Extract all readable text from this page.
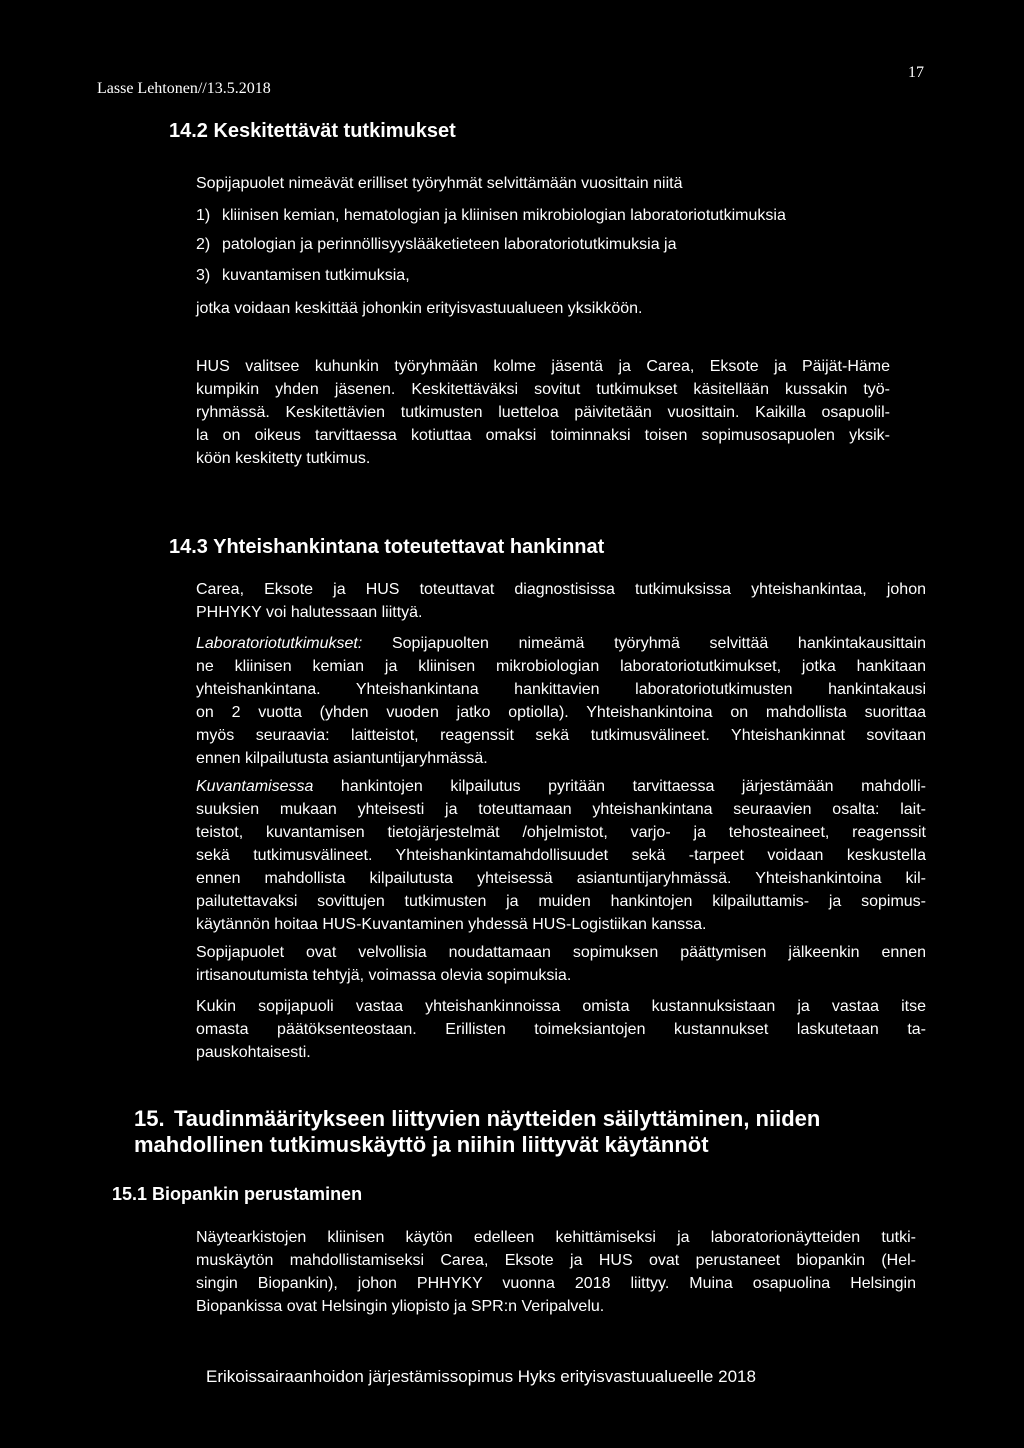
Lasse Lehtonen//13.5.2018
17
14.2 Keskitettävät tutkimukset

Sopijapuolet nimeävät erilliset työryhmät selvittämään vuosittain niitä

1) kliinisen kemian, hematologian ja kliinisen mikrobiologian laboratoriotutkimuksia
2) patologian ja perinnöllisyyslääketieteen laboratoriotutkimuksia ja
3) kuvantamisen tutkimuksia,

jotka voidaan keskittää johonkin erityisvastuualueen yksikköön.

HUS valitsee kuhunkin työryhmään kolme jäsentä ja Carea, Eksote ja Päijät-Häme
kumpikin yhden jäsenen. Keskitettäväksi sovitut tutkimukset käsitellään kussakin työ-
ryhmässä. Keskitettävien tutkimusten luetteloa päivitetään vuosittain. Kaikilla osapuolil-
la on oikeus tarvittaessa kotiuttaa omaksi toiminnaksi toisen sopimusosapuolen yksik-
köön keskitetty tutkimus.
14.3 Yhteishankintana toteutettavat hankinnat
Carea, Eksote ja HUS toteuttavat diagnostisissa tutkimuksissa yhteishankintaa, johon
PHHYKY voi halutessaan liittyä.
Laboratoriotutkimukset: Sopijapuolten nimeämä työryhmä selvittää hankintakausittain
ne kliinisen kemian ja kliinisen mikrobiologian laboratoriotutkimukset, jotka hankitaan
yhteishankintana. Yhteishankintana hankittavien laboratoriotutkimusten hankintakausi
on 2 vuotta (yhden vuoden jatko optiolla). Yhteishankintoina on mahdollista suorittaa
myös seuraavia: laitteistot, reagenssit sekä tutkimusvälineet. Yhteishankinnat sovitaan
ennen kilpailutusta asiantuntijaryhmässä.
Kuvantamisessa hankintojen kilpailutus pyritään tarvittaessa järjestämään mahdolli-
suuksien mukaan yhteisesti ja toteuttamaan yhteishankintana seuraavien osalta: lait-
teistot, kuvantamisen tietojärjestelmät /ohjelmistot, varjo- ja tehosteaineet, reagenssit
sekä tutkimusvälineet. Yhteishankintamahdollisuudet sekä -tarpeet voidaan keskustella
ennen mahdollista kilpailutusta yhteisessä asiantuntijaryhmässä. Yhteishankintoina kil-
pailutettavaksi sovittujen tutkimusten ja muiden hankintojen kilpailuttamis- ja sopimus-
käytännön hoitaa HUS-Kuvantaminen yhdessä HUS-Logistiikan kanssa.
Sopijapuolet ovat velvollisia noudattamaan sopimuksen päättymisen jälkeenkin ennen
irtisanoutumista tehtyjä, voimassa olevia sopimuksia.
Kukin sopijapuoli vastaa yhteishankinnoissa omista kustannuksistaan ja vastaa itse
omasta päätöksenteostaan. Erillisten toimeksiantojen kustannukset laskutetaan ta-
pauskohtaisesti.
15. Taudinmääritykseen liittyvien näytteiden säilyttäminen, niiden
mahdollinen tutkimuskäyttö ja niihin liittyvät käytännöt
15.1 Biopankin perustaminen
Näytearkistojen kliinisen käytön edelleen kehittämiseksi ja laboratorionäytteiden tutki-
muskäytön mahdollistamiseksi Carea, Eksote ja HUS ovat perustaneet biopankin (Hel-
singin Biopankin), johon PHHYKY vuonna 2018 liittyy. Muina osapuolina Helsingin
Biopankissa ovat Helsingin yliopisto ja SPR:n Veripalvelu.
Erikoissairaanhoidon järjestämissopimus Hyks erityisvastuualueelle 2018
